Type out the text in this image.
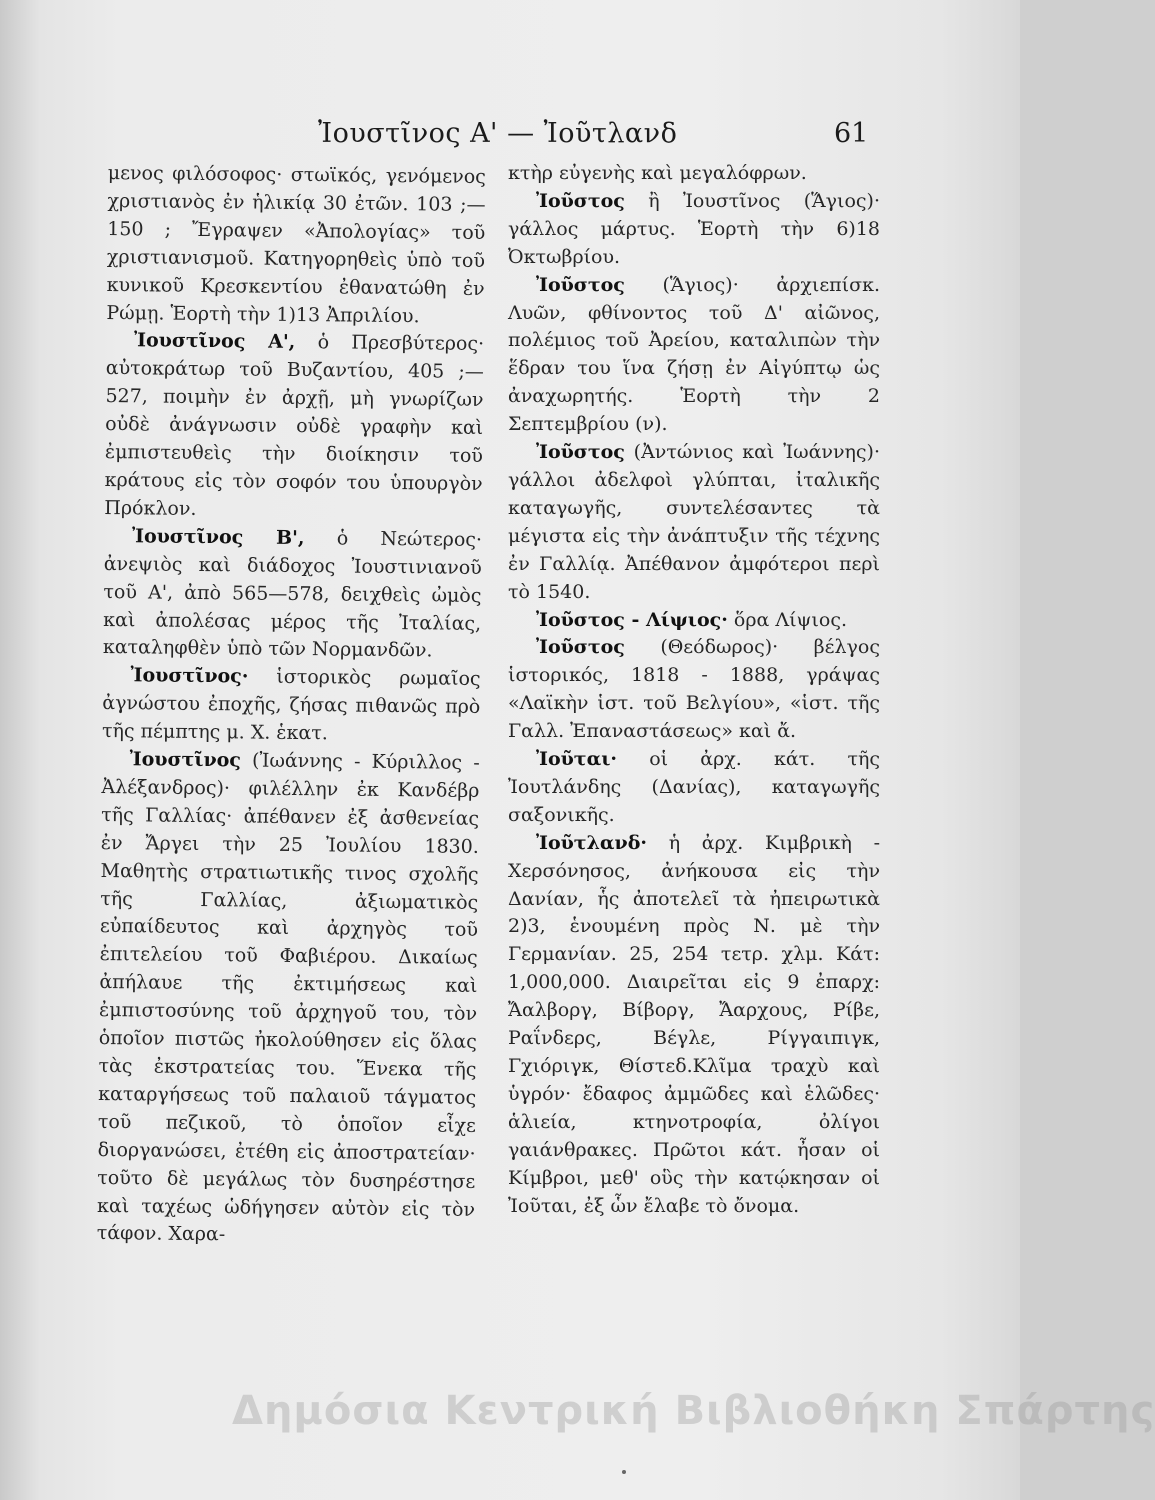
Ἰουστῖνος Α' — Ἰοῦτλανδ	61

μενος φιλόσοφος· στωϊκός, γενόμενος χριστιανὸς ἐν ἡλικίᾳ 30 ἐτῶν. 103 ;—150 ; Ἔγραψεν «Ἀπολογίας» τοῦ χριστιανισμοῦ. Κατηγορηθεὶς ὑπὸ τοῦ κυνικοῦ Κρεσκεντίου ἐθανατώθη ἐν Ρώμῃ. Ἑορτὴ τὴν 1)13 Ἀπριλίου.

Ἰουστῖνος Α', ὁ Πρεσβύτερος· αὐτοκράτωρ τοῦ Βυζαντίου, 405 ;—527, ποιμὴν ἐν ἀρχῇ, μὴ γνωρίζων οὐδὲ ἀνάγνωσιν οὐδὲ γραφὴν καὶ ἐμπιστευθεὶς τὴν διοίκησιν τοῦ κράτους εἰς τὸν σοφόν του ὑπουργὸν Πρόκλον.

Ἰουστῖνος Β', ὁ Νεώτερος· ἀνεψιὸς καὶ διάδοχος Ἰουστινιανοῦ τοῦ Α', ἀπὸ 565—578, δειχθεὶς ὠμὸς καὶ ἀπολέσας μέρος τῆς Ἰταλίας, καταληφθὲν ὑπὸ τῶν Νορμανδῶν.

Ἰουστῖνος· ἱστορικὸς ρωμαῖος ἀγνώστου ἐποχῆς, ζήσας πιθανῶς πρὸ τῆς πέμπτης μ. Χ. ἑκατ.

Ἰουστῖνος (Ἰωάννης - Κύριλλος - Ἀλέξανδρος)· φιλέλλην ἐκ Κανδέβρ τῆς Γαλλίας· ἀπέθανεν ἐξ ἀσθενείας ἐν Ἄργει τὴν 25 Ἰουλίου 1830. Μαθητὴς στρατιωτικῆς τινος σχολῆς τῆς Γαλλίας, ἀξιωματικὸς εὐπαίδευτος καὶ ἀρχηγὸς τοῦ ἐπιτελείου τοῦ Φαβιέρου. Δικαίως ἀπήλαυε τῆς ἐκτιμήσεως καὶ ἐμπιστοσύνης τοῦ ἀρχηγοῦ του, τὸν ὁποῖον πιστῶς ἠκολούθησεν εἰς ὅλας τὰς ἐκστρατείας του. Ἕνεκα τῆς καταργήσεως τοῦ παλαιοῦ τάγματος τοῦ πεζικοῦ, τὸ ὁποῖον εἶχε διοργανώσει, ἐτέθη εἰς ἀποστρατείαν· τοῦτο δὲ μεγάλως τὸν δυσηρέστησε καὶ ταχέως ὡδήγησεν αὐτὸν εἰς τὸν τάφον. Χαρα-

κτὴρ εὐγενὴς καὶ μεγαλόφρων.

Ἰοῦστος ἢ Ἰουστῖνος (Ἅγιος)· γάλλος μάρτυς. Ἑορτὴ τὴν 6)18 Ὀκτωβρίου.

Ἰοῦστος (Ἅγιος)· ἀρχιεπίσκ. Λυῶν, φθίνοντος τοῦ Δ' αἰῶνος, πολέμιος τοῦ Ἀρείου, καταλιπὼν τὴν ἕδραν του ἵνα ζήσῃ ἐν Αἰγύπτῳ ὡς ἀναχωρητής. Ἑορτὴ τὴν 2 Σεπτεμβρίου (ν).

Ἰοῦστος (Ἀντώνιος καὶ Ἰωάννης)· γάλλοι ἀδελφοὶ γλύπται, ἰταλικῆς καταγωγῆς, συντελέσαντες τὰ μέγιστα εἰς τὴν ἀνάπτυξιν τῆς τέχνης ἐν Γαλλίᾳ. Ἀπέθανον ἀμφότεροι περὶ τὸ 1540.

Ἰοῦστος - Λίψιος· ὅρα Λίψιος.

Ἰοῦστος (Θεόδωρος)· βέλγος ἱστορικός, 1818 - 1888, γράψας «Λαϊκὴν ἱστ. τοῦ Βελγίου», «ἱστ. τῆς Γαλλ. Ἐπαναστάσεως» καὶ ἄ.

Ἰοῦται· οἱ ἀρχ. κάτ. τῆς Ἰουτλάνδης (Δανίας), καταγωγῆς σαξονικῆς.

Ἰοῦτλανδ· ἡ ἀρχ. Κιμβρικὴ - Χερσόνησος, ἀνήκουσα εἰς τὴν Δανίαν, ἧς ἀποτελεῖ τὰ ἠπειρωτικὰ 2)3, ἑνουμένη πρὸς Ν. μὲ τὴν Γερμανίαν. 25, 254 τετρ. χλμ. Κάτ: 1,000,000. Διαιρεῖται εἰς 9 ἐπαρχ: Ἄαλβοργ, Βίβοργ, Ἄαρχους, Ρίβε, Ραΐνδερς, Βέγλε, Ρίγγαιπιγκ, Γχιόριγκ, Θίστεδ.Κλῖμα τραχὺ καὶ ὑγρόν· ἔδαφος ἀμμῶδες καὶ ἑλῶδες· ἁλιεία, κτηνοτροφία, ὀλίγοι γαιάνθρακες. Πρῶτοι κάτ. ἦσαν οἱ Κίμβροι, μεθ' οὓς τὴν κατῴκησαν οἱ Ἰοῦται, ἐξ ὧν ἔλαβε τὸ ὄνομα.

Δημόσια Κεντρική Βιβλιοθήκη Σπάρτης
